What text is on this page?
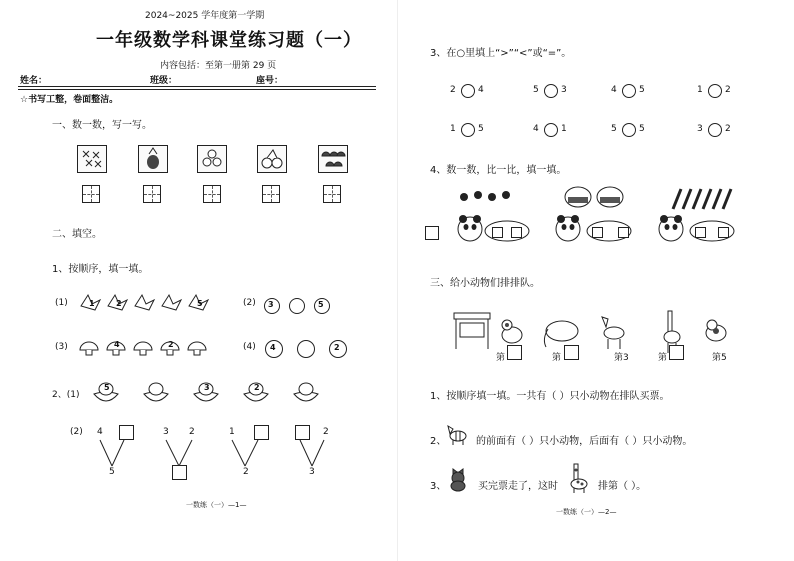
2024~2025 学年度第一学期
一年级数学科课堂练习题（一）
内容包括：至第一册第 29 页
姓名：	班级：	座号：
☆书写工整，卷面整洁。
一、数一数，写一写。
二、填空。
1、按顺序，填一填。
(1)	1	2	5	(2) 3	5
(3)	4	2	(4) 4	2
2、(1)
5	3	2
(2) 4
5
3 2	1
2
2
3
一数练（一）—1—
3、在○里填上“>”“<”或“=”。
2 4	5 3	4 5	1 2
1 5	4 1	5 5	3 2
4、数一数，比一比，填一填。
三、给小动物们排排队。
第	第	第3	第	第5
1、按顺序填一填。一共有（ ）只小动物在排队买票。
2、	的前面有（ ）只小动物，后面有（ ）只小动物。
3、	买完票走了，这时	排第（ ）。
一数练（一）—2—
